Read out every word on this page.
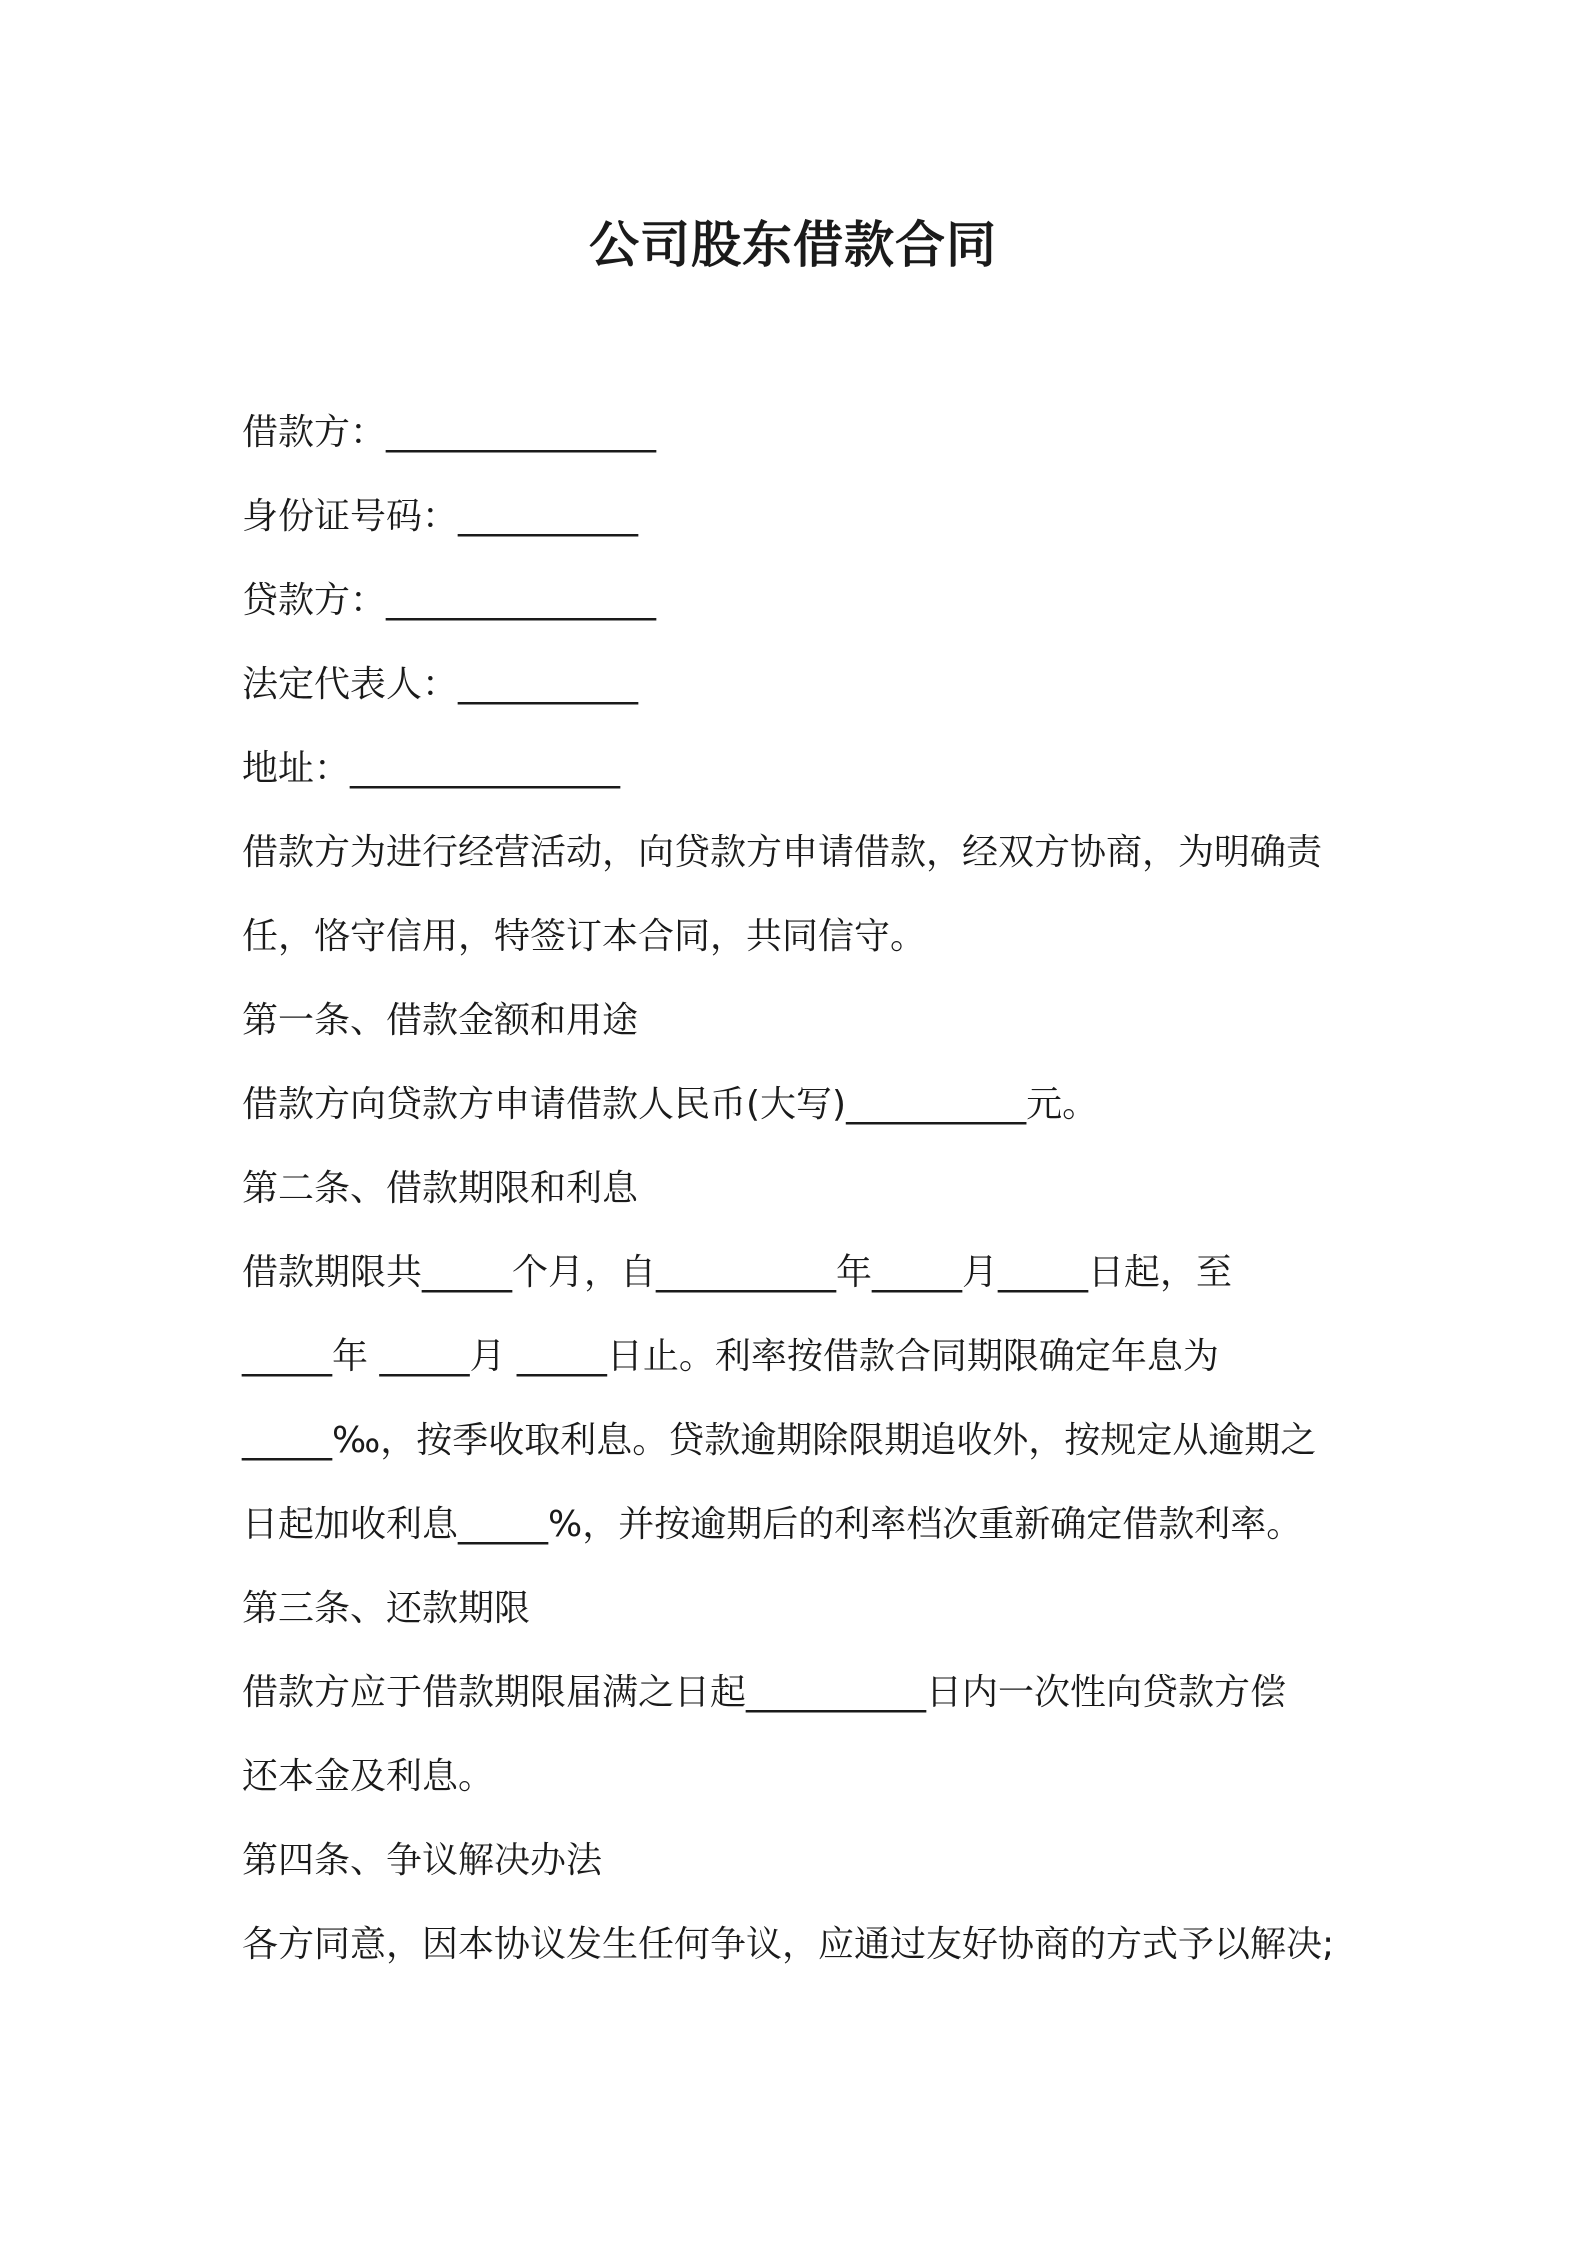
公司股东借款合同
借款方：_______________
身份证号码：__________
贷款方：_______________
法定代表人：__________
地址：_______________
借款方为进行经营活动，向贷款方申请借款，经双方协商，为明确责
任，恪守信用，特签订本合同，共同信守。
第一条、借款金额和用途
借款方向贷款方申请借款人民币(大写)__________元。
第二条、借款期限和利息
借款期限共_____个月，自__________年_____月_____日起，至
_____年 _____月 _____日止。利率按借款合同期限确定年息为
_____‰，按季收取利息。贷款逾期除限期追收外，按规定从逾期之
日起加收利息_____%，并按逾期后的利率档次重新确定借款利率。
第三条、还款期限
借款方应于借款期限届满之日起__________日内一次性向贷款方偿
还本金及利息。
第四条、争议解决办法
各方同意，因本协议发生任何争议，应通过友好协商的方式予以解决;
